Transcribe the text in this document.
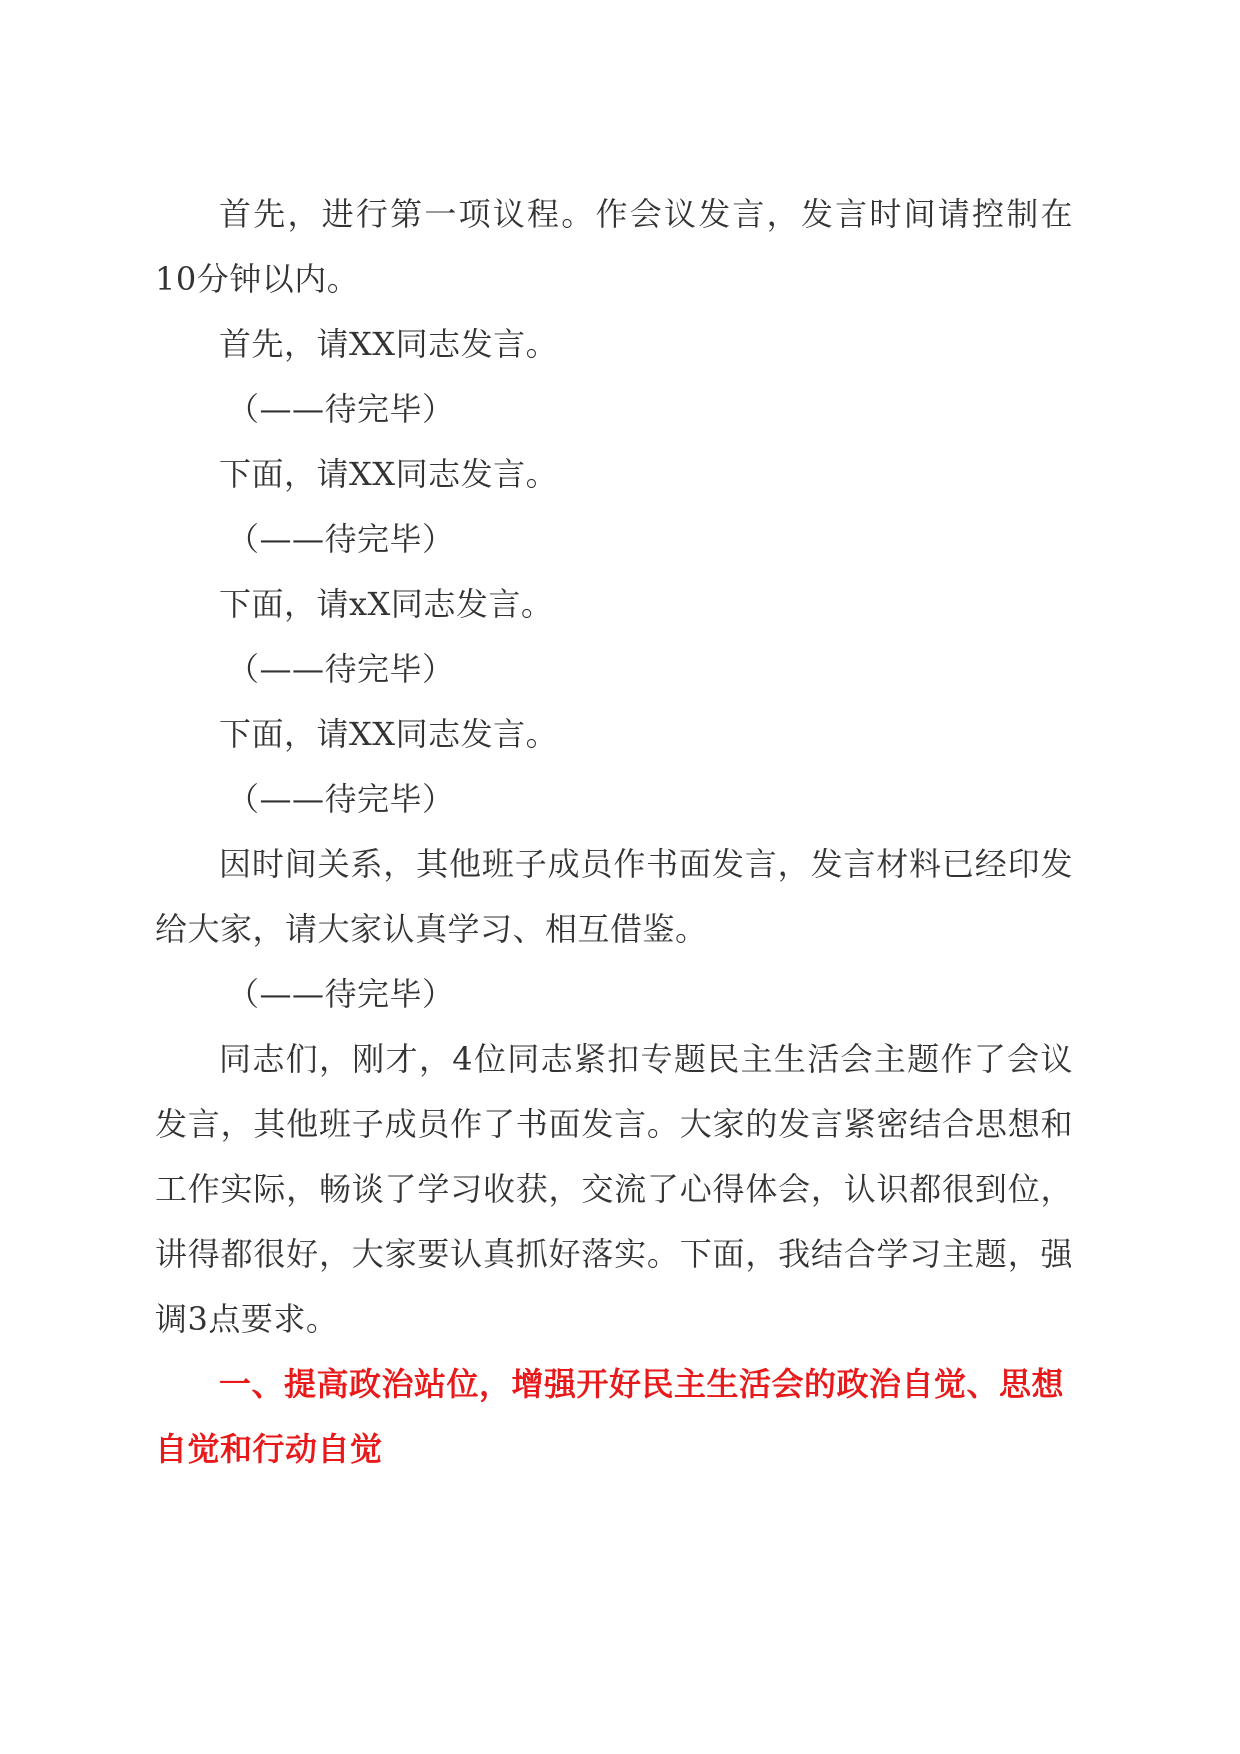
首先，进行第一项议程。作会议发言，发言时间请控制在10分钟以内。

首先，请XX同志发言。

（——待完毕）

下面，请XX同志发言。

（——待完毕）

下面，请xX同志发言。

（——待完毕）

下面，请XX同志发言。

（——待完毕）

因时间关系，其他班子成员作书面发言，发言材料已经印发给大家，请大家认真学习、相互借鉴。

（——待完毕）

同志们，刚才，4位同志紧扣专题民主生活会主题作了会议发言，其他班子成员作了书面发言。大家的发言紧密结合思想和工作实际，畅谈了学习收获，交流了心得体会，认识都很到位，讲得都很好，大家要认真抓好落实。下面，我结合学习主题，强调3点要求。

一、提高政治站位，增强开好民主生活会的政治自觉、思想自觉和行动自觉
